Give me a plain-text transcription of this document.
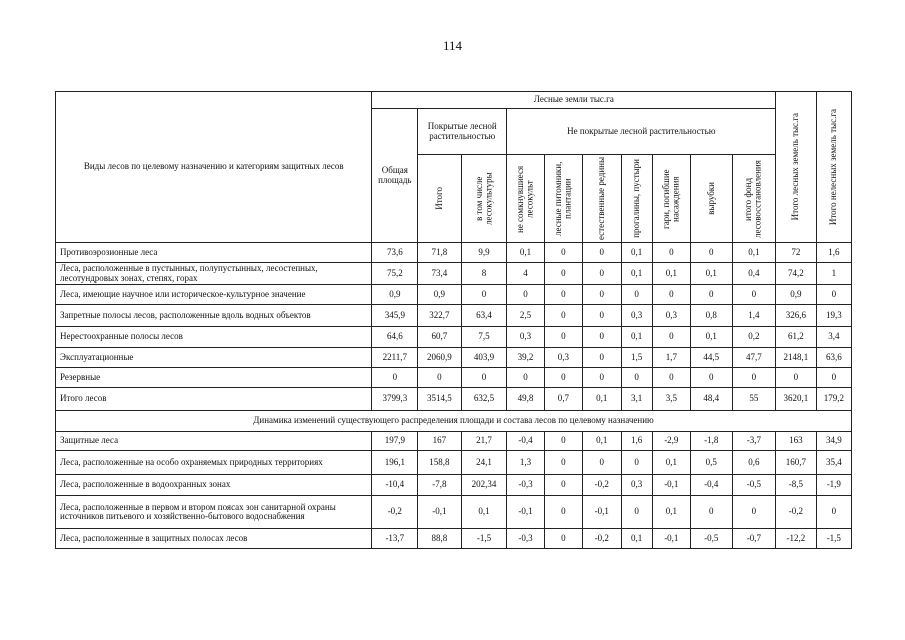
114
Виды лесов по целевому назначению и категориям защитных лесов	Лесные земли тыс.га										Итого лесных земель тыс.га	Итого нелесных земель тыс.га

	Общая площадь	Покрытые лесной растительностью		Не покрытые лесной растительностью								

		Итого	в том числе лесокультуры	не сомкнувшиеся лесокульт	лесные питомники, плантации	естественные редины	прогалины, пустыри	гари, погибшие насаждения	вырубки	итого фонд лесовосстановления		

Противоэрозионные леса	73,6	71,8	9,9	0,1	0	0	0,1	0	0	0,1	72	1,6
Леса, расположенные в пустынных, полупустынных, лесостепных, лесотундровых зонах, степях, горах	75,2	73,4	8	4	0	0	0,1	0,1	0,1	0,4	74,2	1
Леса, имеющие научное или историческое-культурное значение	0,9	0,9	0	0	0	0	0	0	0	0	0,9	0
Запретные полосы лесов, расположенные вдоль водных объектов	345,9	322,7	63,4	2,5	0	0	0,3	0,3	0,8	1,4	326,6	19,3
Нерестоохранные полосы лесов	64,6	60,7	7,5	0,3	0	0	0,1	0	0,1	0,2	61,2	3,4
Эксплуатационные	2211,7	2060,9	403,9	39,2	0,3	0	1,5	1,7	44,5	47,7	2148,1	63,6
Резервные	0	0	0	0	0	0	0	0	0	0	0	0
Итого лесов	3799,3	3514,5	632,5	49,8	0,7	0,1	3,1	3,5	48,4	55	3620,1	179,2
Динамика изменений существующего распределения площади и состава лесов по целевому назначению												
Защитные леса	197,9	167	21,7	-0,4	0	0,1	1,6	-2,9	-1,8	-3,7	163	34,9
Леса, расположенные на особо охраняемых природных территориях	196,1	158,8	24,1	1,3	0	0	0	0,1	0,5	0,6	160,7	35,4
Леса, расположенные в водоохранных зонах	-10,4	-7,8	202,34	-0,3	0	-0,2	0,3	-0,1	-0,4	-0,5	-8,5	-1,9
Леса, расположенные в первом и втором поясах зон санитарной охраны источников питьевого и хозяйственно-бытового водоснабжения	-0,2	-0,1	0,1	-0,1	0	-0,1	0	0,1	0	0	-0,2	0
Леса, расположенные в защитных полосах лесов	-13,7	88,8	-1,5	-0,3	0	-0,2	0,1	-0,1	-0,5	-0,7	-12,2	-1,5
